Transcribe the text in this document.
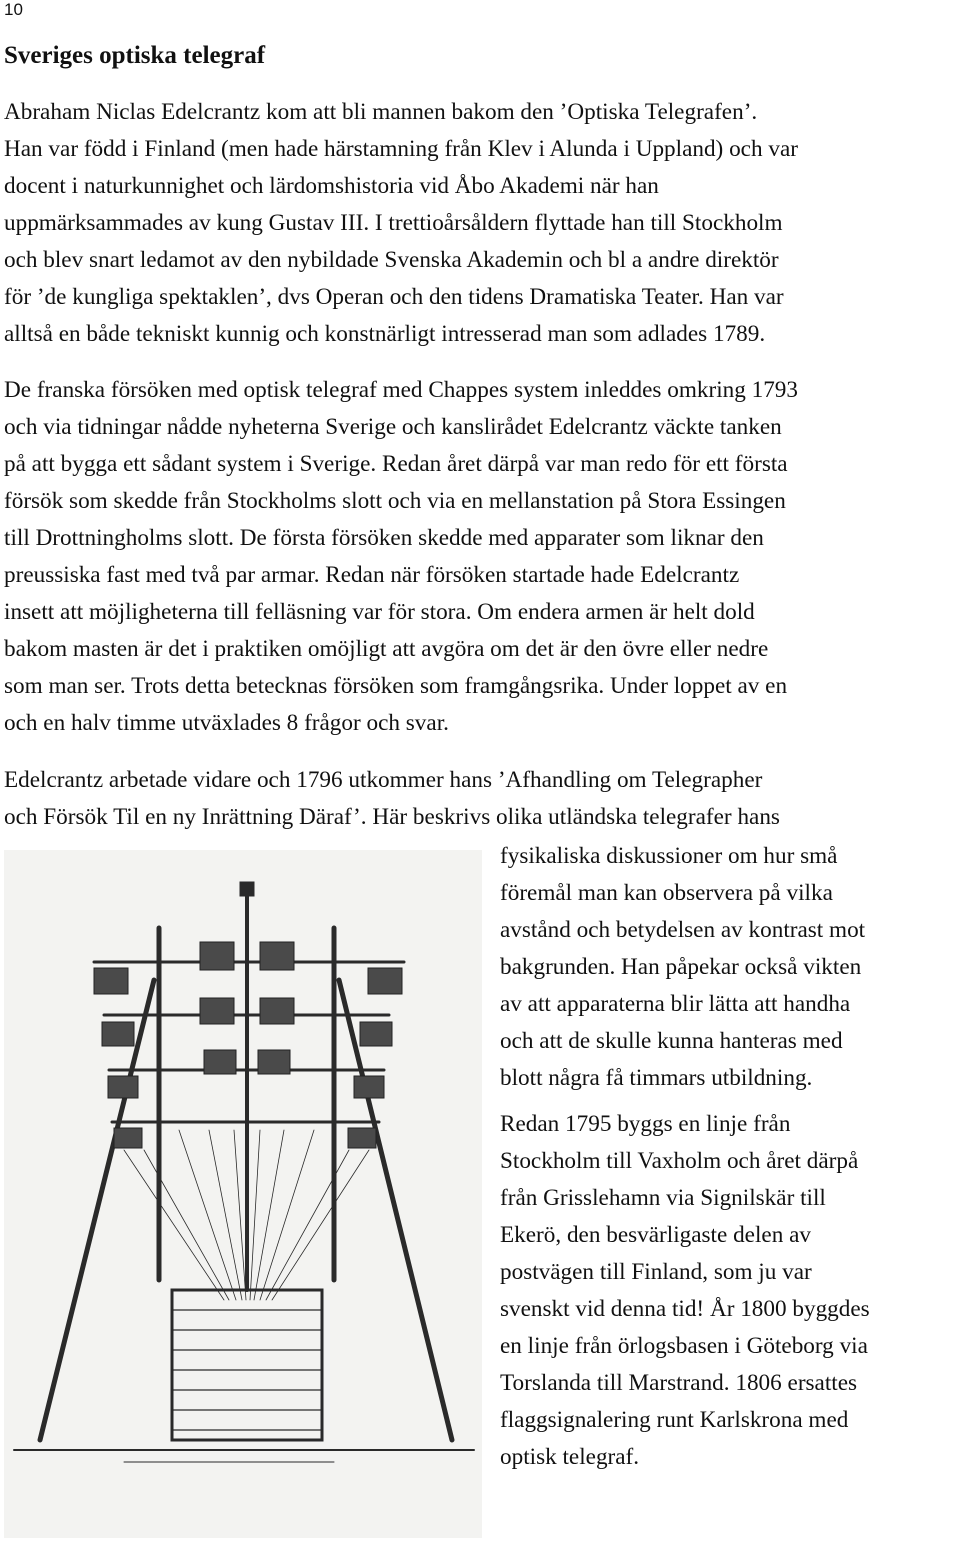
10
Sveriges optiska telegraf

Abraham Niclas Edelcrantz kom att bli mannen bakom den ’Optiska Telegrafen’.
Han var född i Finland (men hade härstamning från Klev i Alunda i Uppland) och var
docent i naturkunnighet och lärdomshistoria vid Åbo Akademi när han
uppmärksammades av kung Gustav III. I trettioårsåldern flyttade han till Stockholm
och blev snart ledamot av den nybildade Svenska Akademin och bl a andre direktör
för ’de kungliga spektaklen’, dvs Operan och den tidens Dramatiska Teater. Han var
alltså en både tekniskt kunnig och konstnärligt intresserad man som adlades 1789.

De franska försöken med optisk telegraf med Chappes system inleddes omkring 1793
och via tidningar nådde nyheterna Sverige och kanslirådet Edelcrantz väckte tanken
på att bygga ett sådant system i Sverige. Redan året därpå var man redo för ett första
försök som skedde från Stockholms slott och via en mellanstation på Stora Essingen
till Drottningholms slott. De första försöken skedde med apparater som liknar den
preussiska fast med två par armar. Redan när försöken startade hade Edelcrantz
insett att möjligheterna till felläsning var för stora. Om endera armen är helt dold
bakom masten är det i praktiken omöjligt att avgöra om det är den övre eller nedre
som man ser. Trots detta betecknas försöken som framgångsrika. Under loppet av en
och en halv timme utväxlades 8 frågor och svar.

Edelcrantz arbetade vidare och 1796 utkommer hans ’Afhandling om Telegrapher
och Försök Til en ny Inrättning Däraf’. Här beskrivs olika utländska telegrafer hans

fysikaliska diskussioner om hur små
föremål man kan observera på vilka
avstånd och betydelsen av kontrast mot
bakgrunden. Han påpekar också vikten
av att apparaterna blir lätta att handha
och att de skulle kunna hanteras med
blott några få timmars utbildning.

Redan 1795 byggs en linje från
Stockholm till Vaxholm och året därpå
från Grisslehamn via Signilskär till
Ekerö, den besvärligaste delen av
postvägen till Finland, som ju var
svenskt vid denna tid! År 1800 byggdes
en linje från örlogsbasen i Göteborg via
Torslanda till Marstrand. 1806 ersattes
flaggsignalering runt Karlskrona med
optisk telegraf.
